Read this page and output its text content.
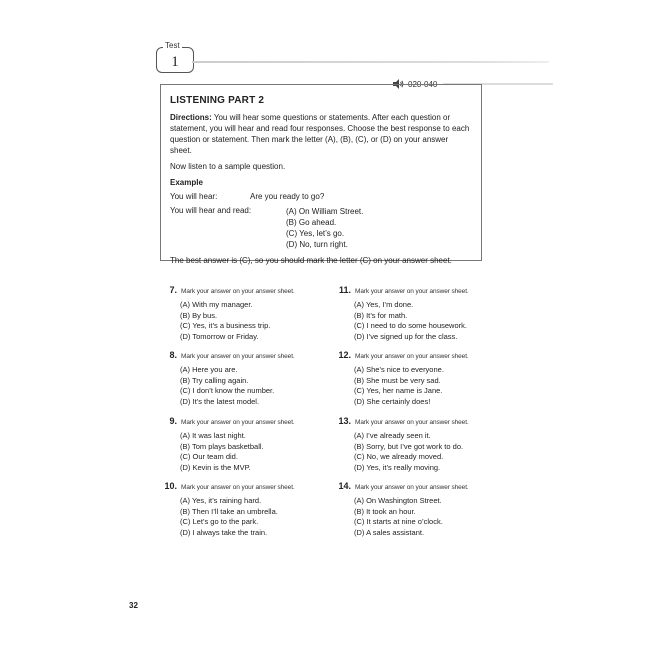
Test
1
020-040
LISTENING PART 2
Directions: You will hear some questions or statements. After each question or statement, you will hear and read four responses. Choose the best response to each question or statement. Then mark the letter (A), (B), (C), or (D) on your answer sheet.
Now listen to a sample question.
Example
You will hear:	Are you ready to go?
You will hear and read:	(A) On William Street.
(B) Go ahead.
(C) Yes, let’s go.
(D) No, turn right.
The best answer is (C), so you should mark the letter (C) on your answer sheet.
7. Mark your answer on your answer sheet.
(A) With my manager.
(B) By bus.
(C) Yes, it’s a business trip.
(D) Tomorrow or Friday.
8. Mark your answer on your answer sheet.
(A) Here you are.
(B) Try calling again.
(C) I don’t know the number.
(D) It’s the latest model.
9. Mark your answer on your answer sheet.
(A) It was last night.
(B) Tom plays basketball.
(C) Our team did.
(D) Kevin is the MVP.
10. Mark your answer on your answer sheet.
(A) Yes, it’s raining hard.
(B) Then I’ll take an umbrella.
(C) Let’s go to the park.
(D) I always take the train.
11. Mark your answer on your answer sheet.
(A) Yes, I’m done.
(B) It’s for math.
(C) I need to do some housework.
(D) I’ve signed up for the class.
12. Mark your answer on your answer sheet.
(A) She’s nice to everyone.
(B) She must be very sad.
(C) Yes, her name is Jane.
(D) She certainly does!
13. Mark your answer on your answer sheet.
(A) I’ve already seen it.
(B) Sorry, but I’ve got work to do.
(C) No, we already moved.
(D) Yes, it’s really moving.
14. Mark your answer on your answer sheet.
(A) On Washington Street.
(B) It took an hour.
(C) It starts at nine o’clock.
(D) A sales assistant.
32
